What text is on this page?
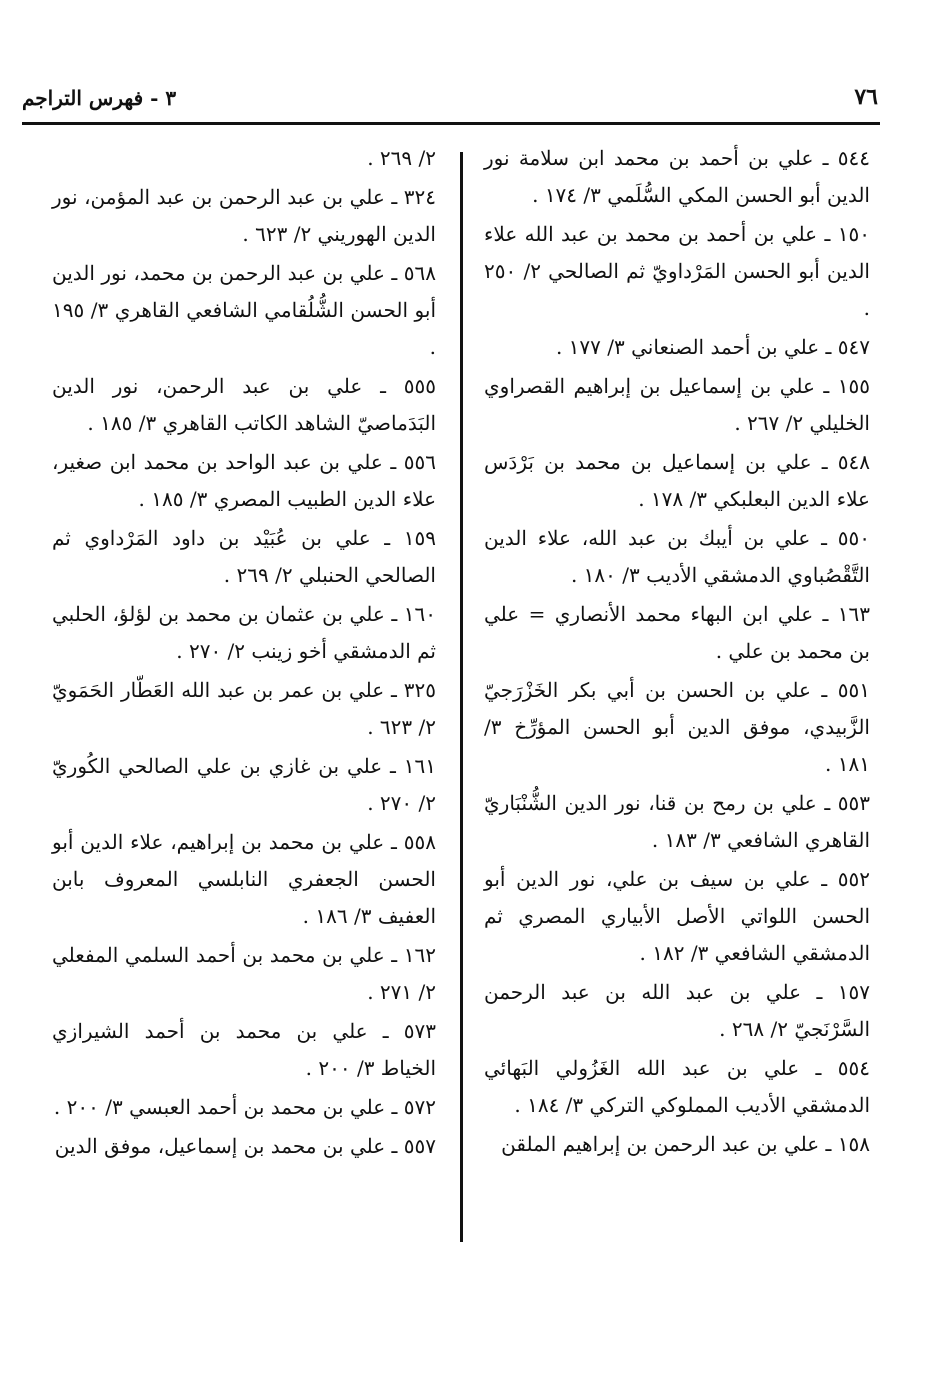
٧٦
٣ - فهرس التراجم
٥٤٤ ـ علي بن أحمد بن محمد ابن سلامة نور الدين أبو الحسن المكي السُّلَمي ٣/ ١٧٤ .
١٥٠ ـ علي بن أحمد بن محمد بن عبد الله علاء الدين أبو الحسن المَرْداويّ ثم الصالحي ٢/ ٢٥٠ .
٥٤٧ ـ علي بن أحمد الصنعاني ٣/ ١٧٧ .
١٥٥ ـ علي بن إسماعيل بن إبراهيم القصراوي الخليلي ٢/ ٢٦٧ .
٥٤٨ ـ علي بن إسماعيل بن محمد بن بَرْدَس علاء الدين البعلبكي ٣/ ١٧٨ .
٥٥٠ ـ علي بن أيبك بن عبد الله، علاء الدين التَّقْصُباوي الدمشقي الأديب ٣/ ١٨٠ .
١٦٣ ـ علي ابن البهاء محمد الأنصاري = علي بن محمد بن علي .
٥٥١ ـ علي بن الحسن بن أبي بكر الخَزْرَجيّ الزَّبيدي، موفق الدين أبو الحسن المؤرِّخ ٣/ ١٨١ .
٥٥٣ ـ علي بن رمح بن قنا، نور الدين الشُّنْبَاريّ القاهري الشافعي ٣/ ١٨٣ .
٥٥٢ ـ علي بن سيف بن علي، نور الدين أبو الحسن اللواتي الأصل الأبياري المصري ثم الدمشقي الشافعي ٣/ ١٨٢ .
١٥٧ ـ علي بن عبد الله بن عبد الرحمن السَّرْنَجيّ ٢/ ٢٦٨ .
٥٥٤ ـ علي بن عبد الله الغَزُولي البَهائي الدمشقي الأديب المملوكي التركي ٣/ ١٨٤ .
١٥٨ ـ علي بن عبد الرحمن بن إبراهيم الملقن
٢/ ٢٦٩ .
٣٢٤ ـ علي بن عبد الرحمن بن عبد المؤمن، نور الدين الهوريني ٢/ ٦٢٣ .
٥٦٨ ـ علي بن عبد الرحمن بن محمد، نور الدين أبو الحسن الشُّلُقامي الشافعي القاهري ٣/ ١٩٥ .
٥٥٥ ـ علي بن عبد الرحمن، نور الدين البَدَماصيّ الشاهد الكاتب القاهري ٣/ ١٨٥ .
٥٥٦ ـ علي بن عبد الواحد بن محمد ابن صغير، علاء الدين الطبيب المصري ٣/ ١٨٥ .
١٥٩ ـ علي بن عُبَيْد بن داود المَرْداوي ثم الصالحي الحنبلي ٢/ ٢٦٩ .
١٦٠ ـ علي بن عثمان بن محمد بن لؤلؤ، الحلبي ثم الدمشقي أخو زينب ٢/ ٢٧٠ .
٣٢٥ ـ علي بن عمر بن عبد الله العَطّار الحَمَويّ ٢/ ٦٢٣ .
١٦١ ـ علي بن غازي بن علي الصالحي الكُوريّ ٢/ ٢٧٠ .
٥٥٨ ـ علي بن محمد بن إبراهيم، علاء الدين أبو الحسن الجعفري النابلسي المعروف بابن العفيف ٣/ ١٨٦ .
١٦٢ ـ علي بن محمد بن أحمد السلمي المفعلي ٢/ ٢٧١ .
٥٧٣ ـ علي بن محمد بن أحمد الشيرازي الخياط ٣/ ٢٠٠ .
٥٧٢ ـ علي بن محمد بن أحمد العبسي ٣/ ٢٠٠ .
٥٥٧ ـ علي بن محمد بن إسماعيل، موفق الدين
